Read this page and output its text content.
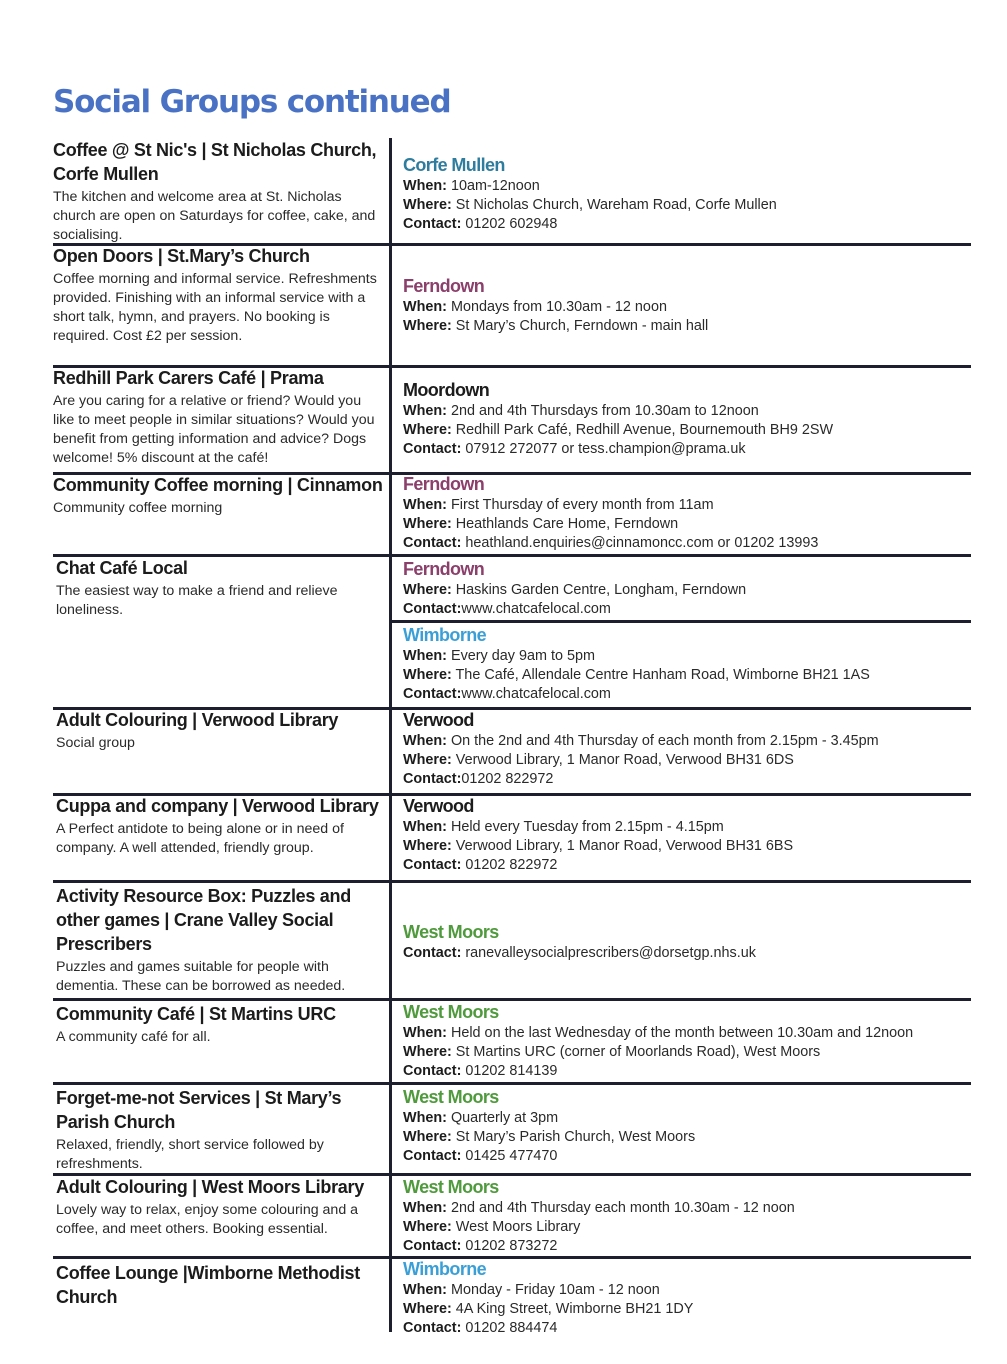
Social Groups continued
Coffee @ St Nic's | St Nicholas Church, Corfe Mullen
The kitchen and welcome area at St. Nicholas church are open on Saturdays for coffee, cake, and socialising.
Corfe Mullen
When: 10am-12noon
Where: St Nicholas Church, Wareham Road, Corfe Mullen
Contact: 01202 602948
Open Doors | St.Mary’s Church
Coffee morning and informal service. Refreshments provided. Finishing with an informal service with a short talk, hymn, and prayers. No booking is required. Cost £2 per session.
Ferndown
When: Mondays from 10.30am - 12 noon
Where: St Mary’s Church, Ferndown - main hall
Redhill Park Carers Café | Prama
Are you caring for a relative or friend? Would you like to meet people in similar situations? Would you benefit from getting information and advice? Dogs welcome! 5% discount at the café!
Moordown
When: 2nd and 4th Thursdays from 10.30am to 12noon
Where: Redhill Park Café, Redhill Avenue, Bournemouth BH9 2SW
Contact: 07912 272077 or tess.champion@prama.uk
Community Coffee morning | Cinnamon
Community coffee morning
Ferndown
When: First Thursday of every month from 11am
Where: Heathlands Care Home, Ferndown
Contact: heathland.enquiries@cinnamoncc.com or 01202 13993
Chat Café Local
The easiest way to make a friend and relieve loneliness.
Ferndown
Where: Haskins Garden Centre, Longham, Ferndown
Contact:www.chatcafelocal.com
Wimborne
When: Every day 9am to 5pm
Where: The Café, Allendale Centre Hanham Road, Wimborne BH21 1AS
Contact:www.chatcafelocal.com
Adult Colouring | Verwood Library
Social group
Verwood
When: On the 2nd and 4th Thursday of each month from 2.15pm - 3.45pm
Where: Verwood Library, 1 Manor Road, Verwood BH31 6DS
Contact:01202 822972
Cuppa and company | Verwood Library
A Perfect antidote to being alone or in need of company. A well attended, friendly group.
Verwood
When: Held every Tuesday from 2.15pm - 4.15pm
Where: Verwood Library, 1 Manor Road, Verwood BH31 6BS
Contact: 01202 822972
Activity Resource Box: Puzzles and other games | Crane Valley Social Prescribers
Puzzles and games suitable for people with dementia. These can be borrowed as needed.
West Moors
Contact: ranevalleysocialprescribers@dorsetgp.nhs.uk
Community Café | St Martins URC
A community café for all.
West Moors
When: Held on the last Wednesday of the month between 10.30am and 12noon
Where: St Martins URC (corner of Moorlands Road), West Moors
Contact: 01202 814139
Forget-me-not Services | St Mary’s Parish Church
Relaxed, friendly, short service followed by refreshments.
West Moors
When: Quarterly at 3pm
Where: St Mary’s Parish Church, West Moors
Contact: 01425 477470
Adult Colouring | West Moors Library
Lovely way to relax, enjoy some colouring and a coffee, and meet others. Booking essential.
West Moors
When: 2nd and 4th Thursday each month 10.30am - 12 noon
Where: West Moors Library
Contact: 01202 873272
Coffee Lounge |Wimborne Methodist Church
Wimborne
When: Monday - Friday 10am - 12 noon
Where: 4A King Street, Wimborne BH21 1DY
Contact: 01202 884474
